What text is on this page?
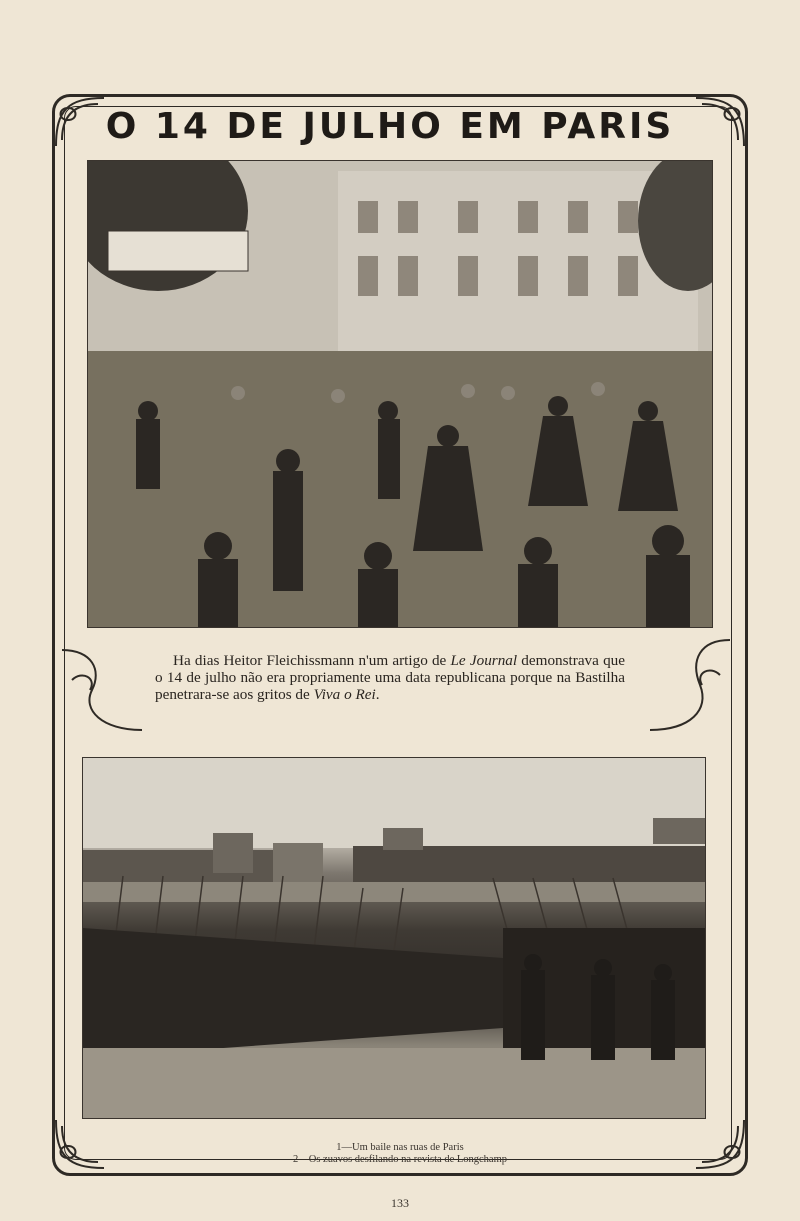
O 14 DE JULHO EM PARIS

Ha dias Heitor Fleichissmann n'um artigo de Le Journal demonstrava que o 14 de julho não era propriamente uma data republicana porque na Bastilha penetrara-se aos gritos de Viva o Rei.

1—Um baile nas ruas de Paris
2—Os zuavos desfilando na revista de Longchamp
133
